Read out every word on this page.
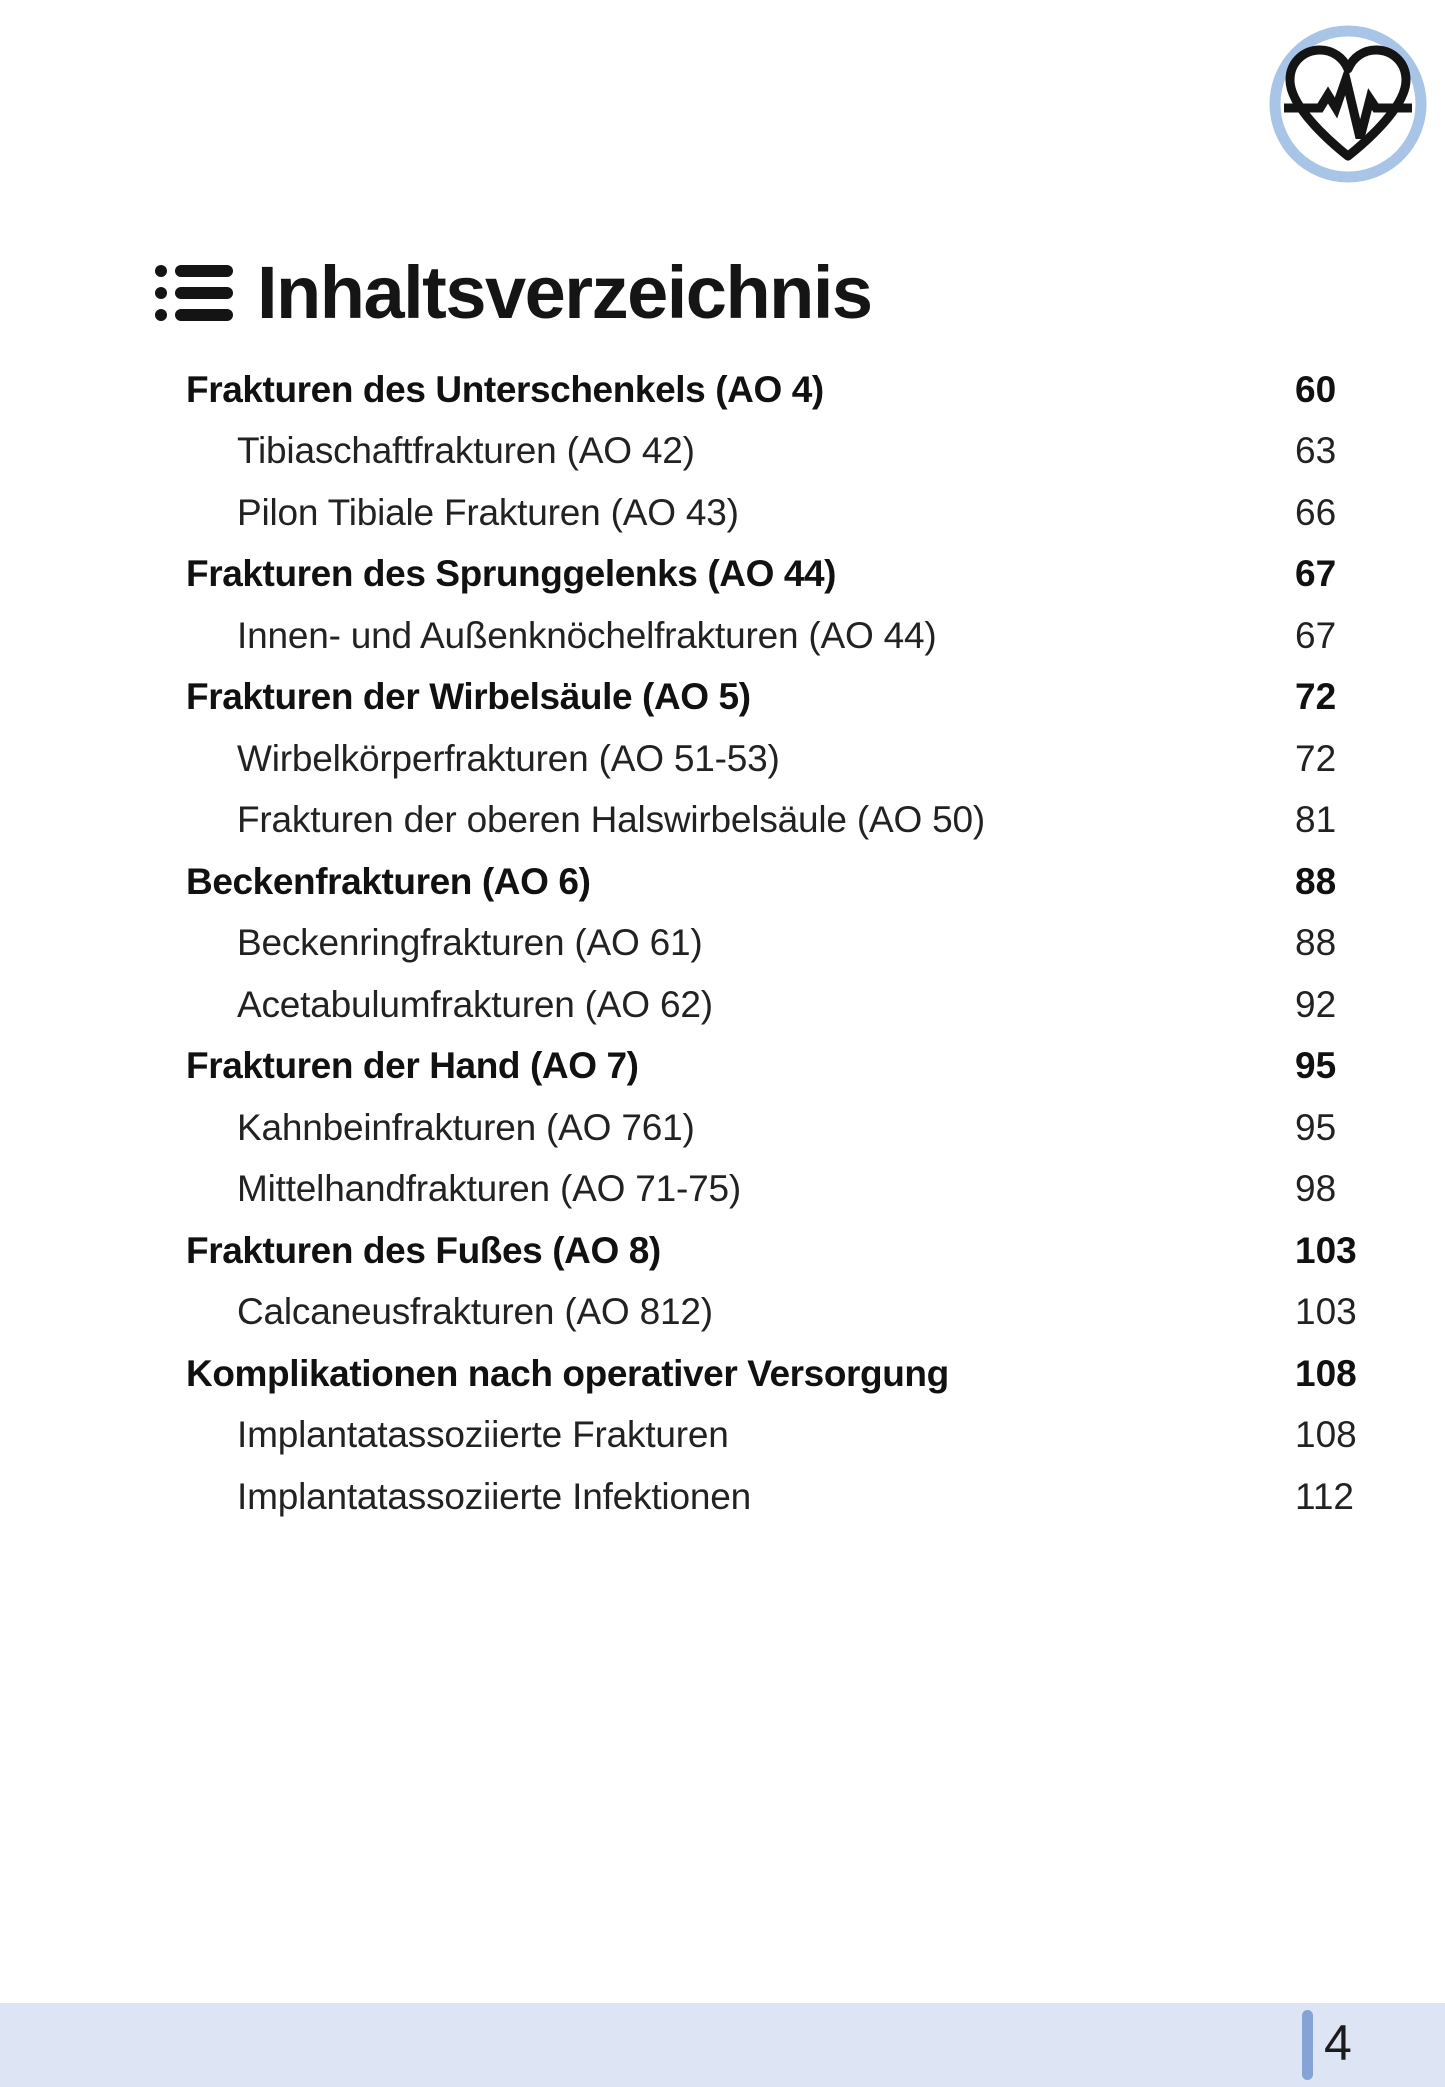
Inhaltsverzeichnis
Frakturen des Unterschenkels (AO 4)	60
Tibiaschaftfrakturen (AO 42)	63
Pilon Tibiale Frakturen (AO 43)	66
Frakturen des Sprunggelenks (AO 44)	67
Innen- und Außenknöchelfrakturen (AO 44)	67
Frakturen der Wirbelsäule (AO 5)	72
Wirbelkörperfrakturen (AO 51-53)	72
Frakturen der oberen Halswirbelsäule (AO 50)	81
Beckenfrakturen (AO 6)	88
Beckenringfrakturen (AO 61)	88
Acetabulumfrakturen (AO 62)	92
Frakturen der Hand (AO 7)	95
Kahnbeinfrakturen (AO 761)	95
Mittelhandfrakturen (AO 71-75)	98
Frakturen des Fußes (AO 8)	103
Calcaneusfrakturen (AO 812)	103
Komplikationen nach operativer Versorgung	108
Implantatassoziierte Frakturen	108
Implantatassoziierte Infektionen	112
4
